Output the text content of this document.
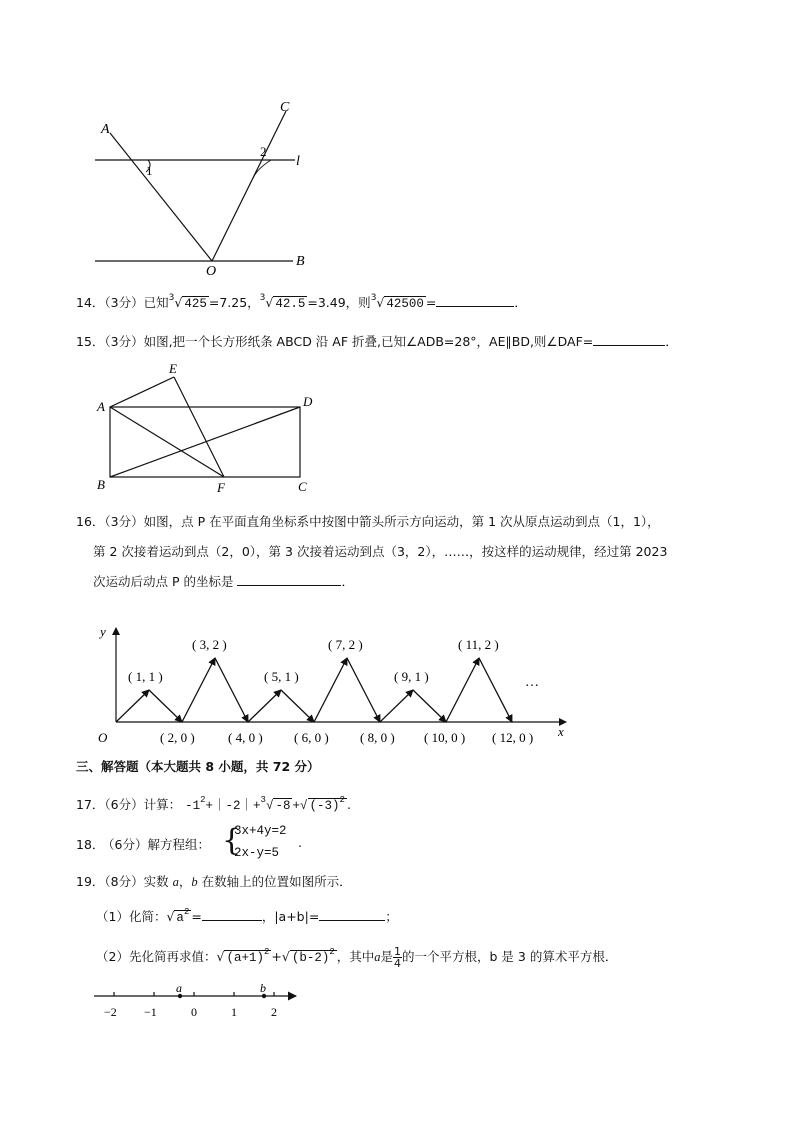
A
C
l
1
2
O
B
14．（3分）已知$^3$√ 425 =7.25，$^3$√ 42.5 =3.49，则$^3$√ 42500 =	．
15．（3分）如图,把一个长方形纸条 ABCD 沿 AF 折叠,已知∠ADB=28°，AE∥BD,则∠DAF=	．
E
A	D
B	F	C
16．（3分）如图，点 P 在平面直角坐标系中按图中箭头所示方向运动，第 1 次从原点运动到点（1，1），
第 2 次接着运动到点（2，0），第 3 次接着运动到点（3，2），……，按这样的运动规律，经过第 2023
次运动后动点 P 的坐标是	．
y
x
O
( 1, 1 )
( 3, 2 )
( 5, 1 )
( 7, 2 )
( 9, 1 )
( 11, 2 )
…
( 2, 0 )	( 4, 0 ) ( 6, 0 ) ( 8, 0 ) ( 10, 0 ) ( 12, 0 )
三、解答题（本大题共 8 小题，共 72 分）
17．（6分）计算： $-1^2+|-2|+^3√$ -8 +√ $(-3)^2$ .
18．
（6分）解方程组： {
3x+4y=2
2x-y=5
.
19．（8分）实数 a，b 在数轴上的位置如图所示．
（1）化简：√ $a^2$ =	，|a+b|=	；
（2）先化简再求值：√ $(a+1)^2$ +√ $(b-2)^2$ ，其中a是 $\frac{1}{4}$ 的一个平方根，b 是 3 的算术平方根．
a	b
−2 −1	0	1	2
